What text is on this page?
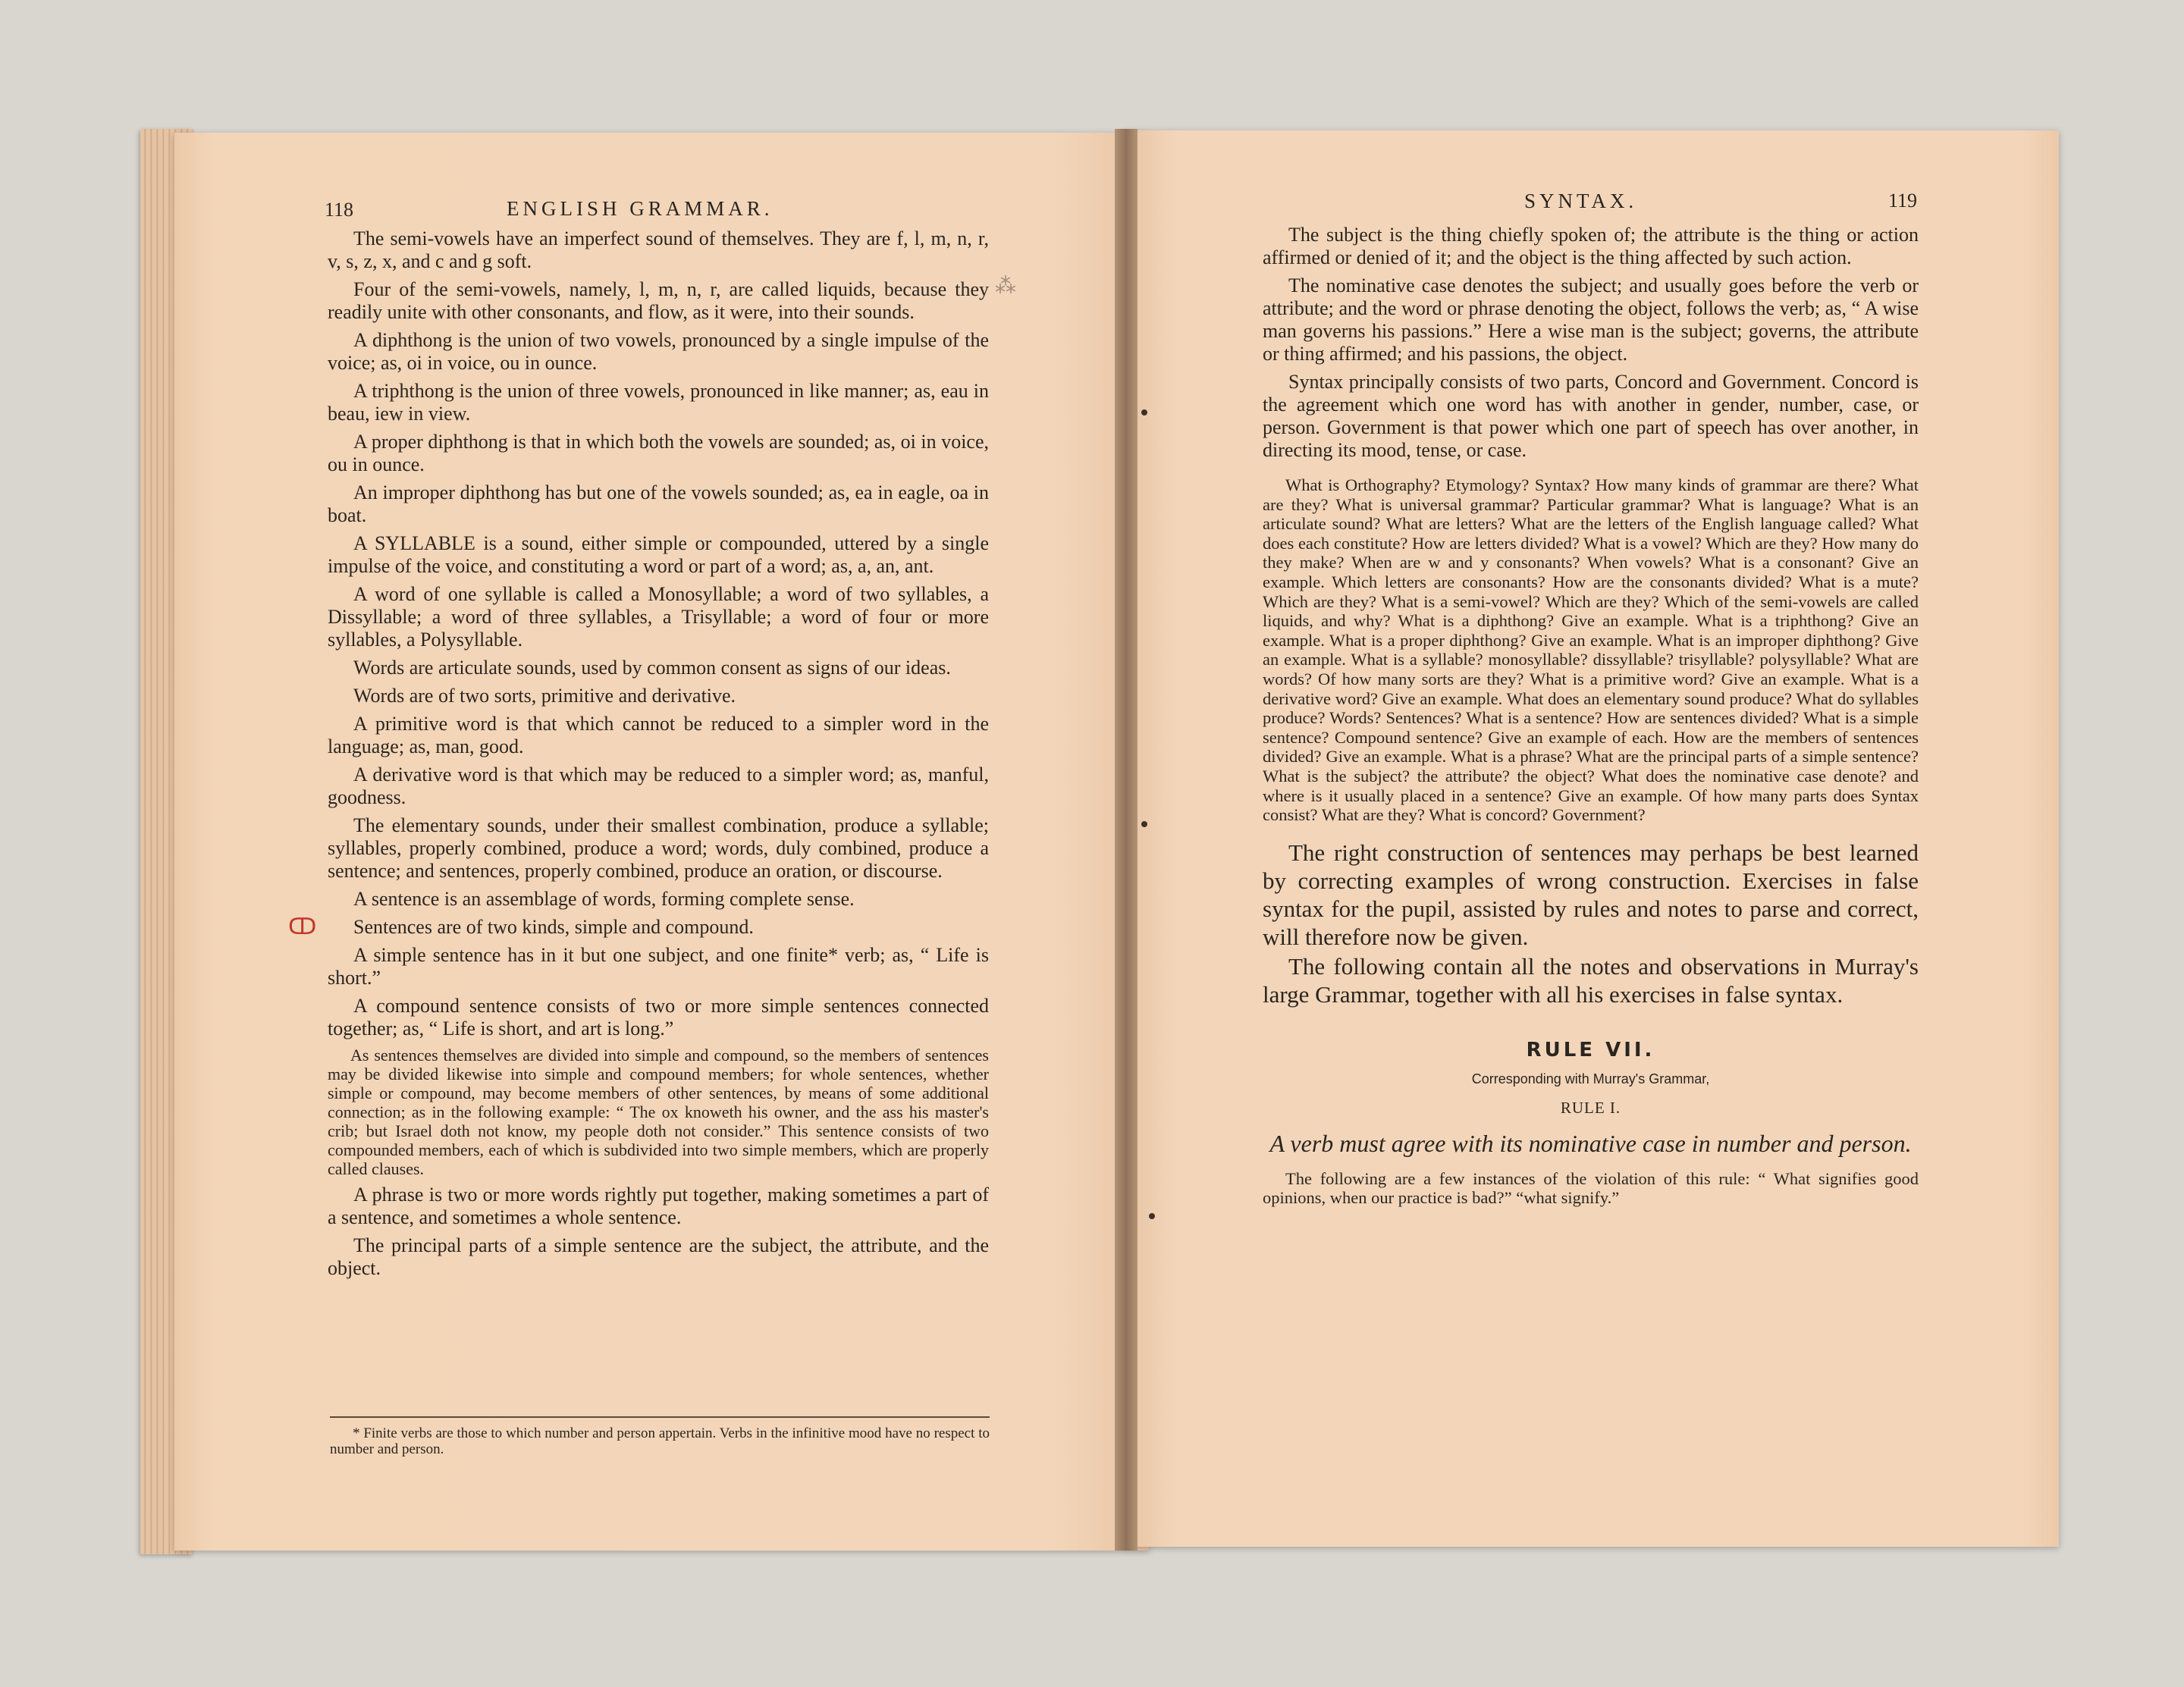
118	ENGLISH GRAMMAR.

The semi-vowels have an imperfect sound of themselves. They are f, l, m, n, r, v, s, z, x, and c and g soft.

Four of the semi-vowels, namely, l, m, n, r, are called liquids, because they readily unite with other consonants, and flow, as it were, into their sounds.

A diphthong is the union of two vowels, pronounced by a single impulse of the voice; as, oi in voice, ou in ounce.

A triphthong is the union of three vowels, pronounced in like manner; as, eau in beau, iew in view.

A proper diphthong is that in which both the vowels are sounded; as, oi in voice, ou in ounce.

An improper diphthong has but one of the vowels sounded; as, ea in eagle, oa in boat.

A SYLLABLE is a sound, either simple or compounded, uttered by a single impulse of the voice, and constituting a word or part of a word; as, a, an, ant.

A word of one syllable is called a Monosyllable; a word of two syllables, a Dissyllable; a word of three syllables, a Trisyllable; a word of four or more syllables, a Polysyllable.

Words are articulate sounds, used by common consent as signs of our ideas.

Words are of two sorts, primitive and derivative.

A primitive word is that which cannot be reduced to a simpler word in the language; as, man, good.

A derivative word is that which may be reduced to a simpler word; as, manful, goodness.

The elementary sounds, under their smallest combination, produce a syllable; syllables, properly combined, produce a word; words, duly combined, produce a sentence; and sentences, properly combined, produce an oration, or discourse.

A sentence is an assemblage of words, forming complete sense.

Sentences are of two kinds, simple and compound.

A simple sentence has in it but one subject, and one finite* verb; as, “ Life is short.”

A compound sentence consists of two or more simple sentences connected together; as, “ Life is short, and art is long.”

As sentences themselves are divided into simple and compound, so the members of sentences may be divided likewise into simple and compound members; for whole sentences, whether simple or compound, may become members of other sentences, by means of some additional connection; as in the following example: “ The ox knoweth his owner, and the ass his master's crib; but Israel doth not know, my people doth not consider.” This sentence consists of two compounded members, each of which is subdivided into two simple members, which are properly called clauses.

A phrase is two or more words rightly put together, making sometimes a part of a sentence, and sometimes a whole sentence.

The principal parts of a simple sentence are the subject, the attribute, and the object.

* Finite verbs are those to which number and person appertain. Verbs in the infinitive mood have no respect to number and person.
ↀ
⁂
SYNTAX.	119

The subject is the thing chiefly spoken of; the attribute is the thing or action affirmed or denied of it; and the object is the thing affected by such action.

The nominative case denotes the subject; and usually goes before the verb or attribute; and the word or phrase denoting the object, follows the verb; as, “ A wise man governs his passions.” Here a wise man is the subject; governs, the attribute or thing affirmed; and his passions, the object.

Syntax principally consists of two parts, Concord and Government. Concord is the agreement which one word has with another in gender, number, case, or person. Government is that power which one part of speech has over another, in directing its mood, tense, or case.

What is Orthography? Etymology? Syntax? How many kinds of grammar are there? What are they? What is universal grammar? Particular grammar? What is language? What is an articulate sound? What are letters? What are the letters of the English language called? What does each constitute? How are letters divided? What is a vowel? Which are they? How many do they make? When are w and y consonants? When vowels? What is a consonant? Give an example. Which letters are consonants? How are the consonants divided? What is a mute? Which are they? What is a semi-vowel? Which are they? Which of the semi-vowels are called liquids, and why? What is a diphthong? Give an example. What is a triphthong? Give an example. What is a proper diphthong? Give an example. What is an improper diphthong? Give an example. What is a syllable? monosyllable? dissyllable? trisyllable? polysyllable? What are words? Of how many sorts are they? What is a primitive word? Give an example. What is a derivative word? Give an example. What does an elementary sound produce? What do syllables produce? Words? Sentences? What is a sentence? How are sentences divided? What is a simple sentence? Compound sentence? Give an example of each. How are the members of sentences divided? Give an example. What is a phrase? What are the principal parts of a simple sentence? What is the subject? the attribute? the object? What does the nominative case denote? and where is it usually placed in a sentence? Give an example. Of how many parts does Syntax consist? What are they? What is concord? Government?

The right construction of sentences may perhaps be best learned by correcting examples of wrong construction. Exercises in false syntax for the pupil, assisted by rules and notes to parse and correct, will therefore now be given.

The following contain all the notes and observations in Murray's large Grammar, together with all his exercises in false syntax.

RULE VII.
Corresponding with Murray's Grammar,
RULE I.
A verb must agree with its nominative case in number and person.

The following are a few instances of the violation of this rule: “ What signifies good opinions, when our practice is bad?” “what signify.”
